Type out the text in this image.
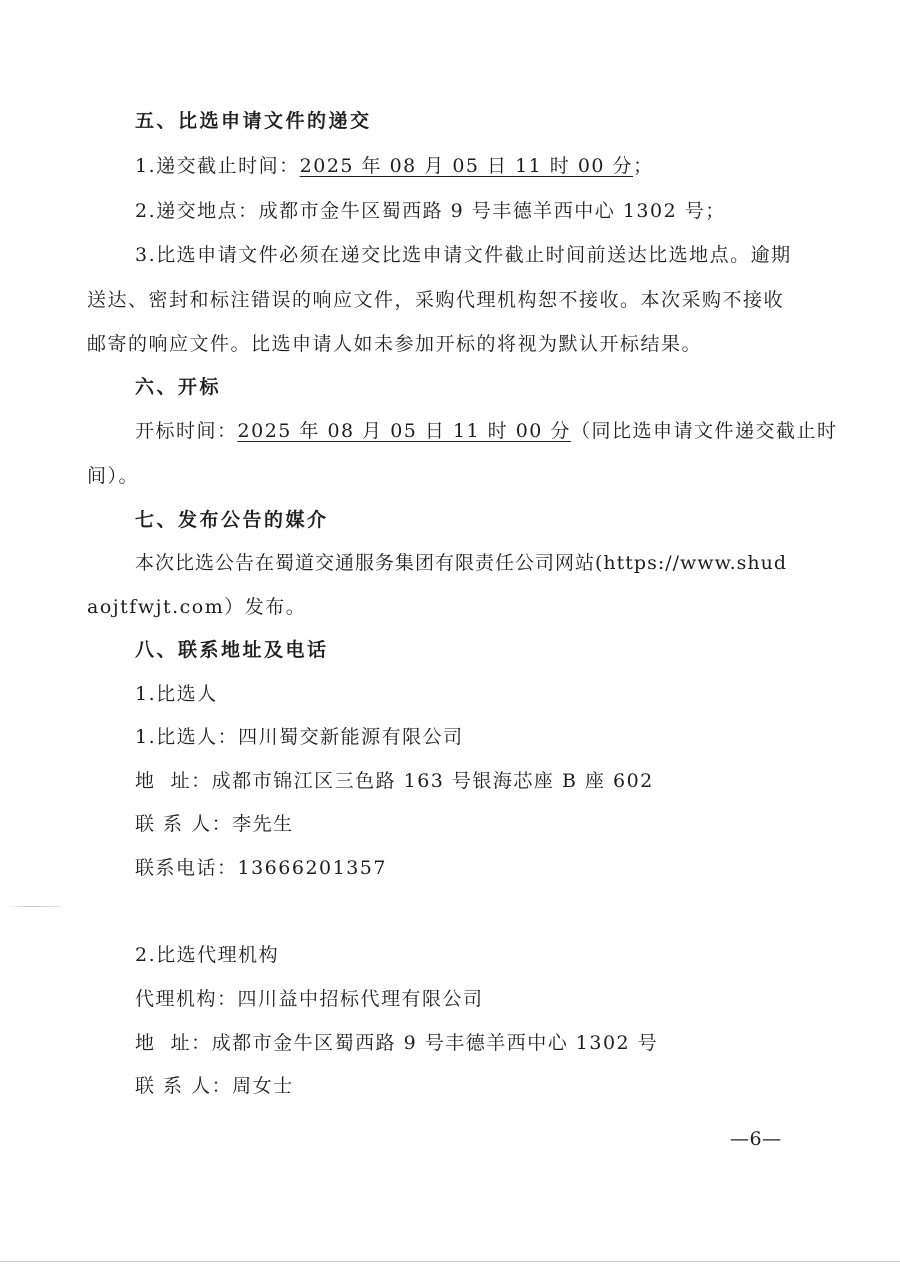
五、比选申请文件的递交
1.递交截止时间：2025 年 08 月 05 日 11 时 00 分；
2.递交地点：成都市金牛区蜀西路 9 号丰德羊西中心 1302 号；
3.比选申请文件必须在递交比选申请文件截止时间前送达比选地点。逾期
送达、密封和标注错误的响应文件，采购代理机构恕不接收。本次采购不接收
邮寄的响应文件。比选申请人如未参加开标的将视为默认开标结果。
六、开标
开标时间：2025 年 08 月 05 日 11 时 00 分（同比选申请文件递交截止时
间）。
七、发布公告的媒介
本次比选公告在蜀道交通服务集团有限责任公司网站(https://www.shud
aojtfwjt.com）发布。
八、联系地址及电话
1.比选人
1.比选人：四川蜀交新能源有限公司
地  址：成都市锦江区三色路 163 号银海芯座 B 座 602
联 系 人：李先生
联系电话：13666201357
2.比选代理机构
代理机构：四川益中招标代理有限公司
地  址：成都市金牛区蜀西路 9 号丰德羊西中心 1302 号
联 系 人：周女士
—6—
